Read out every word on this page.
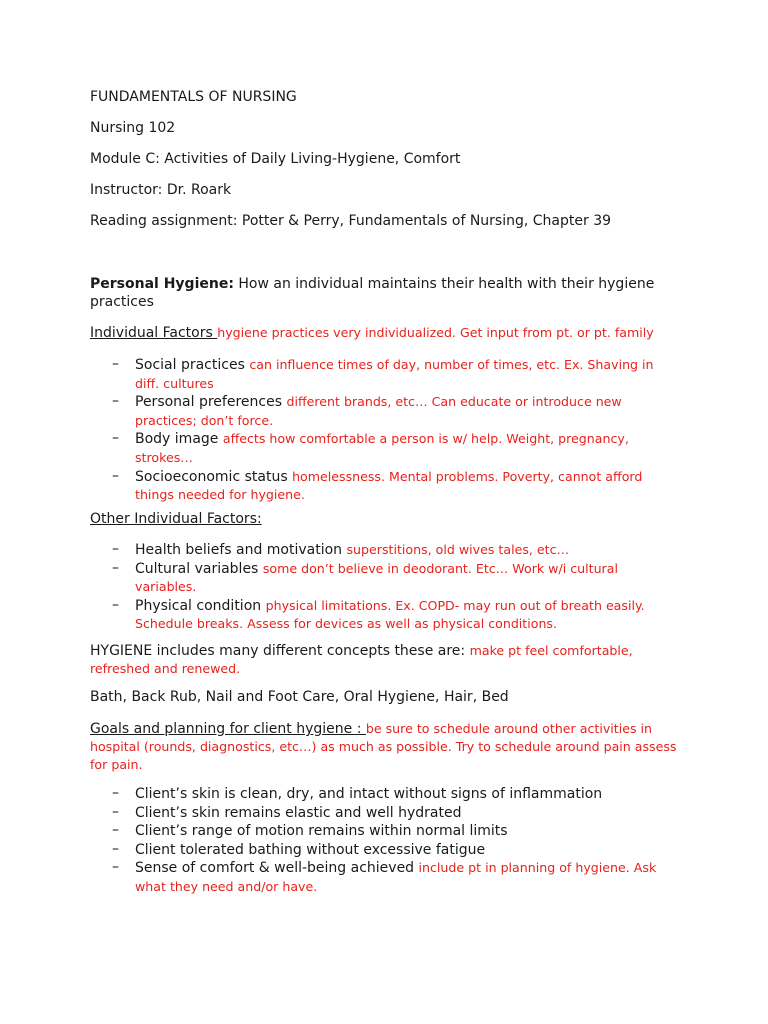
FUNDAMENTALS OF NURSING
Nursing 102
Module C: Activities of Daily Living-Hygiene, Comfort
Instructor: Dr. Roark
Reading assignment: Potter & Perry, Fundamentals of Nursing, Chapter 39
Personal Hygiene: How an individual maintains their health with their hygiene practices
Individual Factors hygiene practices very individualized. Get input from pt. or pt. family
– Social practices can influence times of day, number of times, etc. Ex. Shaving in diff. cultures
– Personal preferences different brands, etc… Can educate or introduce new practices; don’t force.
– Body image affects how comfortable a person is w/ help. Weight, pregnancy, strokes…
– Socioeconomic status homelessness. Mental problems. Poverty, cannot afford things needed for hygiene.
Other Individual Factors:
– Health beliefs and motivation superstitions, old wives tales, etc…
– Cultural variables some don’t believe in deodorant. Etc… Work w/i cultural variables.
– Physical condition physical limitations. Ex. COPD- may run out of breath easily. Schedule breaks. Assess for devices as well as physical conditions.
HYGIENE includes many different concepts these are: make pt feel comfortable, refreshed and renewed.
Bath, Back Rub, Nail and Foot Care, Oral Hygiene, Hair, Bed
Goals and planning for client hygiene : be sure to schedule around other activities in hospital (rounds, diagnostics, etc…) as much as possible. Try to schedule around pain assess for pain.
– Client’s skin is clean, dry, and intact without signs of inflammation
– Client’s skin remains elastic and well hydrated
– Client’s range of motion remains within normal limits
– Client tolerated bathing without excessive fatigue
– Sense of comfort & well-being achieved include pt in planning of hygiene. Ask what they need and/or have.
